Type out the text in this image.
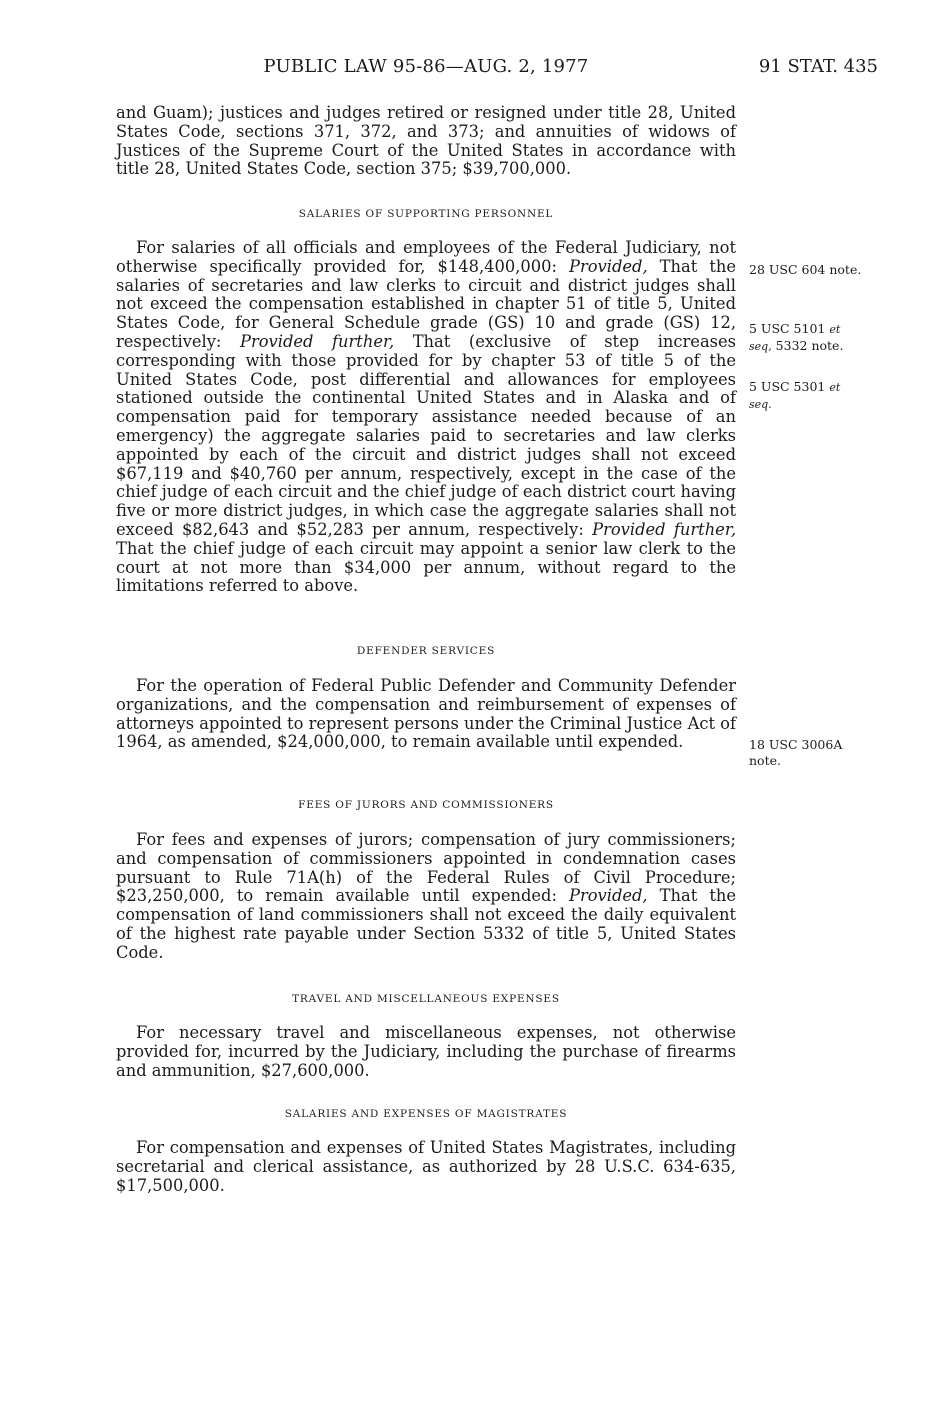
PUBLIC LAW 95-86—AUG. 2, 1977	91 STAT. 435

and Guam); justices and judges retired or resigned under title 28, United States Code, sections 371, 372, and 373; and annuities of widows of Justices of the Supreme Court of the United States in accordance with title 28, United States Code, section 375; $39,700,000.

SALARIES OF SUPPORTING PERSONNEL

For salaries of all officials and employees of the Federal Judiciary, not otherwise specifically provided for, $148,400,000: Provided, That the salaries of secretaries and law clerks to circuit and district judges shall not exceed the compensation established in chapter 51 of title 5, United States Code, for General Schedule grade (GS) 10 and grade (GS) 12, respectively: Provided further, That (exclusive of step increases corresponding with those provided for by chapter 53 of title 5 of the United States Code, post differential and allowances for employees stationed outside the continental United States and in Alaska and of compensation paid for temporary assistance needed because of an emergency) the aggregate salaries paid to secretaries and law clerks appointed by each of the circuit and district judges shall not exceed $67,119 and $40,760 per annum, respectively, except in the case of the chief judge of each circuit and the chief judge of each district court having five or more district judges, in which case the aggregate salaries shall not exceed $82,643 and $52,283 per annum, respectively: Provided further, That the chief judge of each circuit may appoint a senior law clerk to the court at not more than $34,000 per annum, without regard to the limitations referred to above.

28 USC 604 note.

5 USC 5101 et
seq, 5332 note.

5 USC 5301 et
seq.

DEFENDER SERVICES

For the operation of Federal Public Defender and Community Defender organizations, and the compensation and reimbursement of expenses of attorneys appointed to represent persons under the Criminal Justice Act of 1964, as amended, $24,000,000, to remain available until expended.	18 USC 3006A
note.

FEES OF JURORS AND COMMISSIONERS

For fees and expenses of jurors; compensation of jury commissioners; and compensation of commissioners appointed in condemnation cases pursuant to Rule 71A(h) of the Federal Rules of Civil Procedure; $23,250,000, to remain available until expended: Provided, That the compensation of land commissioners shall not exceed the daily equivalent of the highest rate payable under Section 5332 of title 5, United States Code.

TRAVEL AND MISCELLANEOUS EXPENSES

For necessary travel and miscellaneous expenses, not otherwise provided for, incurred by the Judiciary, including the purchase of firearms and ammunition, $27,600,000.

SALARIES AND EXPENSES OF MAGISTRATES

For compensation and expenses of United States Magistrates, including secretarial and clerical assistance, as authorized by 28 U.S.C. 634-635, $17,500,000.
